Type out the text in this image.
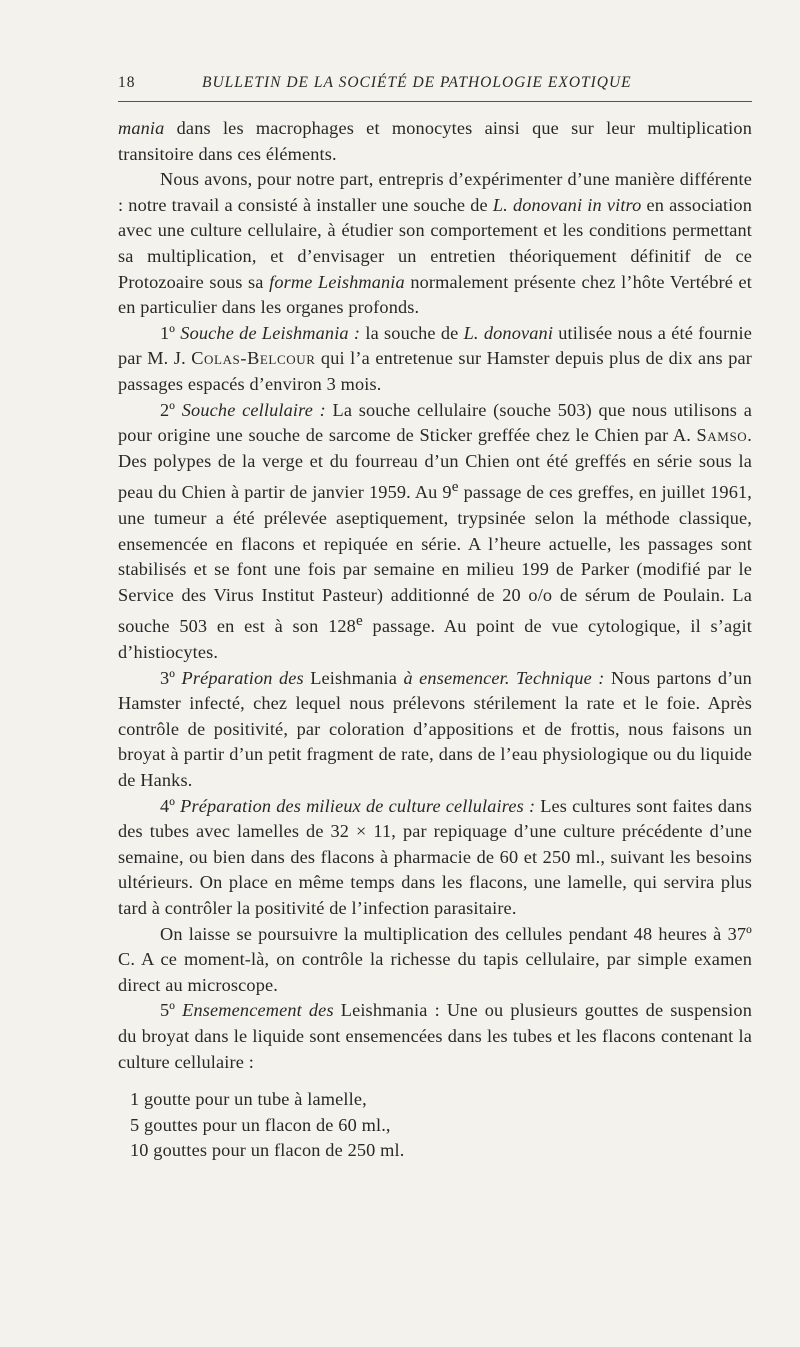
18	BULLETIN DE LA SOCIÉTÉ DE PATHOLOGIE EXOTIQUE

mania dans les macrophages et monocytes ainsi que sur leur multiplication transitoire dans ces éléments.

Nous avons, pour notre part, entrepris d’expérimenter d’une manière différente : notre travail a consisté à installer une souche de L. donovani in vitro en association avec une culture cellulaire, à étudier son comportement et les conditions permettant sa multiplication, et d’envisager un entretien théoriquement définitif de ce Protozoaire sous sa forme Leishmania normalement présente chez l’hôte Vertébré et en particulier dans les organes profonds.

1º Souche de Leishmania : la souche de L. donovani utilisée nous a été fournie par M. J. Colas-Belcour qui l’a entretenue sur Hamster depuis plus de dix ans par passages espacés d’environ 3 mois.

2º Souche cellulaire : La souche cellulaire (souche 503) que nous utilisons a pour origine une souche de sarcome de Sticker greffée chez le Chien par A. Samso. Des polypes de la verge et du fourreau d’un Chien ont été greffés en série sous la peau du Chien à partir de janvier 1959. Au 9e passage de ces greffes, en juillet 1961, une tumeur a été prélevée aseptiquement, trypsinée selon la méthode classique, ensemencée en flacons et repiquée en série. A l’heure actuelle, les passages sont stabilisés et se font une fois par semaine en milieu 199 de Parker (modifié par le Service des Virus Institut Pasteur) additionné de 20 o/o de sérum de Poulain. La souche 503 en est à son 128e passage. Au point de vue cytologique, il s’agit d’histiocytes.

3º Préparation des Leishmania à ensemencer. Technique : Nous partons d’un Hamster infecté, chez lequel nous prélevons stérilement la rate et le foie. Après contrôle de positivité, par coloration d’appositions et de frottis, nous faisons un broyat à partir d’un petit fragment de rate, dans de l’eau physiologique ou du liquide de Hanks.

4º Préparation des milieux de culture cellulaires : Les cultures sont faites dans des tubes avec lamelles de 32 × 11, par repiquage d’une culture précédente d’une semaine, ou bien dans des flacons à pharmacie de 60 et 250 ml., suivant les besoins ultérieurs. On place en même temps dans les flacons, une lamelle, qui servira plus tard à contrôler la positivité de l’infection parasitaire.

On laisse se poursuivre la multiplication des cellules pendant 48 heures à 37º C. A ce moment-là, on contrôle la richesse du tapis cellulaire, par simple examen direct au microscope.

5º Ensemencement des Leishmania : Une ou plusieurs gouttes de suspension du broyat dans le liquide sont ensemencées dans les tubes et les flacons contenant la culture cellulaire :

1 goutte pour un tube à lamelle,

5 gouttes pour un flacon de 60 ml.,

10 gouttes pour un flacon de 250 ml.
